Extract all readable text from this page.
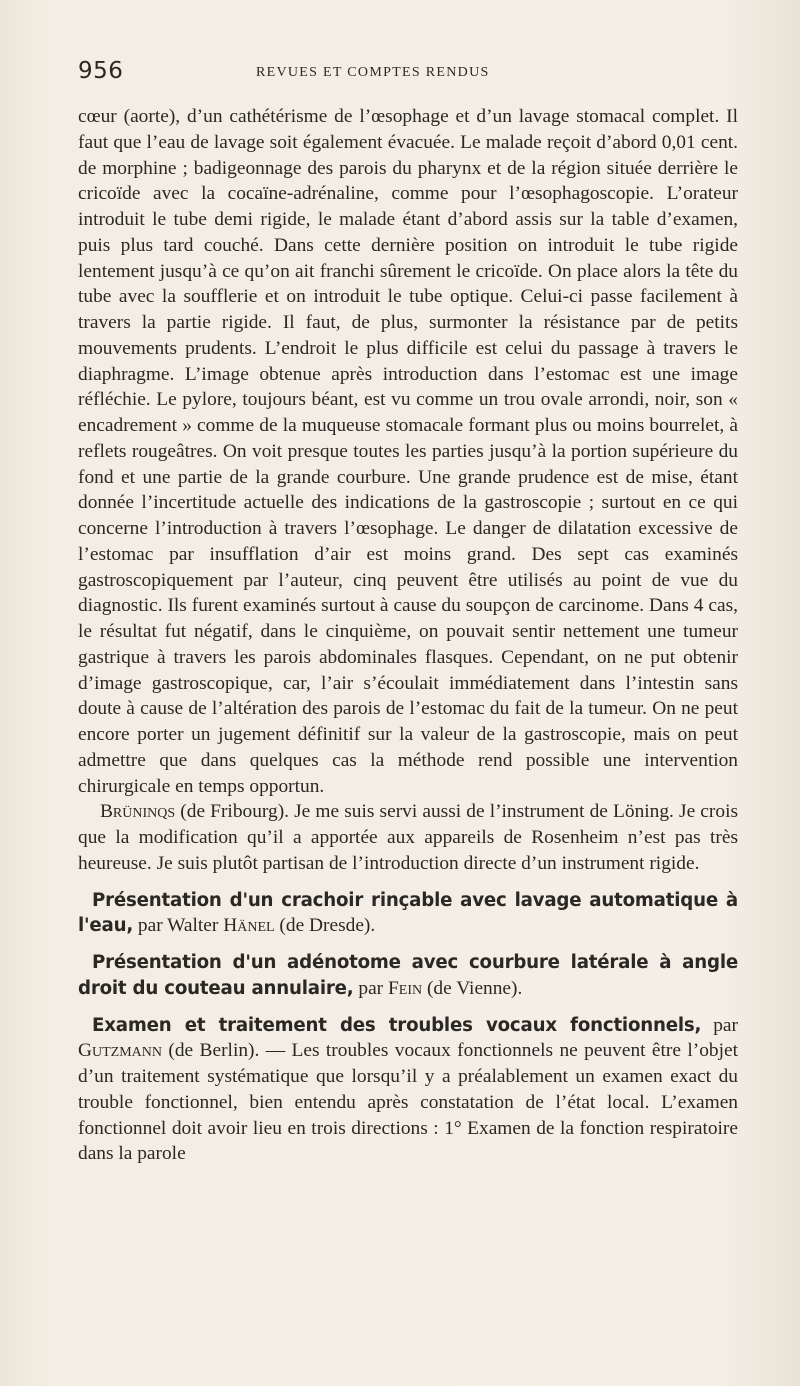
956	REVUES ET COMPTES RENDUS

cœur (aorte), d’un cathétérisme de l’œsophage et d’un lavage stomacal complet. Il faut que l’eau de lavage soit également évacuée. Le malade reçoit d’abord 0,01 cent. de morphine ; badigeonnage des parois du pharynx et de la région située derrière le cricoïde avec la cocaïne-adrénaline, comme pour l’œsophagoscopie. L’orateur introduit le tube demi rigide, le malade étant d’abord assis sur la table d’examen, puis plus tard couché. Dans cette dernière position on introduit le tube rigide lentement jusqu’à ce qu’on ait franchi sûrement le cricoïde. On place alors la tête du tube avec la soufflerie et on introduit le tube optique. Celui-ci passe facilement à travers la partie rigide. Il faut, de plus, surmonter la résistance par de petits mouvements prudents. L’endroit le plus difficile est celui du passage à travers le diaphragme. L’image obtenue après introduction dans l’estomac est une image réfléchie. Le pylore, toujours béant, est vu comme un trou ovale arrondi, noir, son « encadrement » comme de la muqueuse stomacale formant plus ou moins bourrelet, à reflets rougeâtres. On voit presque toutes les parties jusqu’à la portion supérieure du fond et une partie de la grande courbure. Une grande prudence est de mise, étant donnée l’incertitude actuelle des indications de la gastroscopie ; surtout en ce qui concerne l’introduction à travers l’œsophage. Le danger de dilatation excessive de l’estomac par insufflation d’air est moins grand. Des sept cas examinés gastroscopiquement par l’auteur, cinq peuvent être utilisés au point de vue du diagnostic. Ils furent examinés surtout à cause du soupçon de carcinome. Dans 4 cas, le résultat fut négatif, dans le cinquième, on pouvait sentir nettement une tumeur gastrique à travers les parois abdominales flasques. Cependant, on ne put obtenir d’image gastroscopique, car, l’air s’écoulait immédiatement dans l’intestin sans doute à cause de l’altération des parois de l’estomac du fait de la tumeur. On ne peut encore porter un jugement définitif sur la valeur de la gastroscopie, mais on peut admettre que dans quelques cas la méthode rend possible une intervention chirurgicale en temps opportun.

Brüninqs (de Fribourg). Je me suis servi aussi de l’instrument de Löning. Je crois que la modification qu’il a apportée aux appareils de Rosenheim n’est pas très heureuse. Je suis plutôt partisan de l’introduction directe d’un instrument rigide.

Présentation d'un crachoir rinçable avec lavage automatique à l'eau, par Walter Hänel (de Dresde).

Présentation d'un adénotome avec courbure latérale à angle droit du couteau annulaire, par Fein (de Vienne).

Examen et traitement des troubles vocaux fonctionnels, par Gutzmann (de Berlin). — Les troubles vocaux fonctionnels ne peuvent être l’objet d’un traitement systématique que lorsqu’il y a préalablement un examen exact du trouble fonctionnel, bien entendu après constatation de l’état local. L’examen fonctionnel doit avoir lieu en trois directions : 1° Examen de la fonction respiratoire dans la parole
